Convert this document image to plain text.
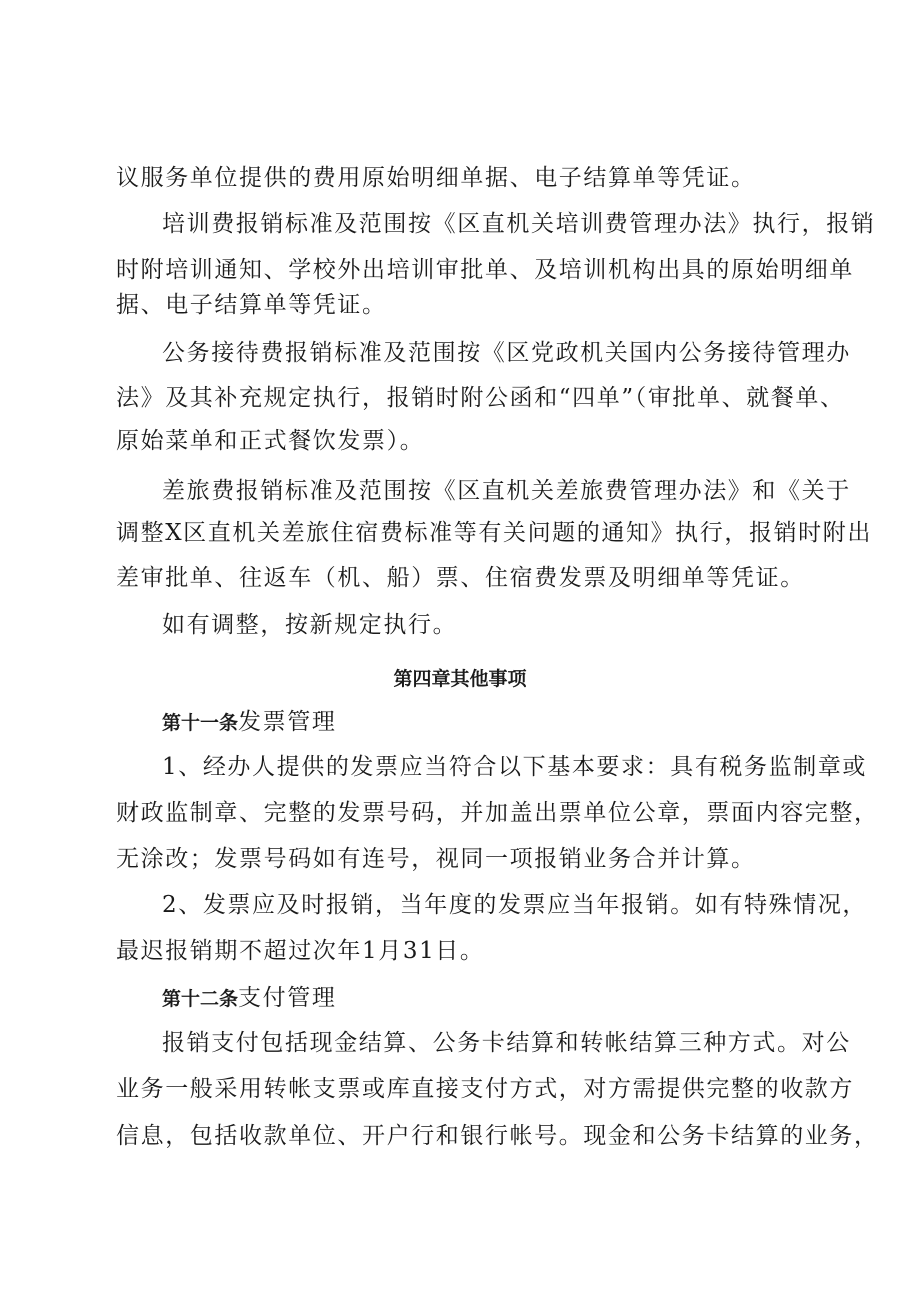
议服务单位提供的费用原始明细单据、电子结算单等凭证。
培训费报销标准及范围按《区直机关培训费管理办法》执行，报销
时附培训通知、学校外出培训审批单、及培训机构出具的原始明细单
据、电子结算单等凭证。
公务接待费报销标准及范围按《区党政机关国内公务接待管理办
法》及其补充规定执行，报销时附公函和“四单”（审批单、就餐单、
原始菜单和正式餐饮发票）。
差旅费报销标准及范围按《区直机关差旅费管理办法》和《关于
调整X区直机关差旅住宿费标准等有关问题的通知》执行，报销时附出
差审批单、往返车（机、船）票、住宿费发票及明细单等凭证。
如有调整，按新规定执行。
第四章其他事项
第十一条发票管理
1、经办人提供的发票应当符合以下基本要求：具有税务监制章或
财政监制章、完整的发票号码，并加盖出票单位公章，票面内容完整，
无涂改；发票号码如有连号，视同一项报销业务合并计算。
2、发票应及时报销，当年度的发票应当年报销。如有特殊情况，
最迟报销期不超过次年1月31日。
第十二条支付管理
报销支付包括现金结算、公务卡结算和转帐结算三种方式。对公
业务一般采用转帐支票或库直接支付方式，对方需提供完整的收款方
信息，包括收款单位、开户行和银行帐号。现金和公务卡结算的业务，
